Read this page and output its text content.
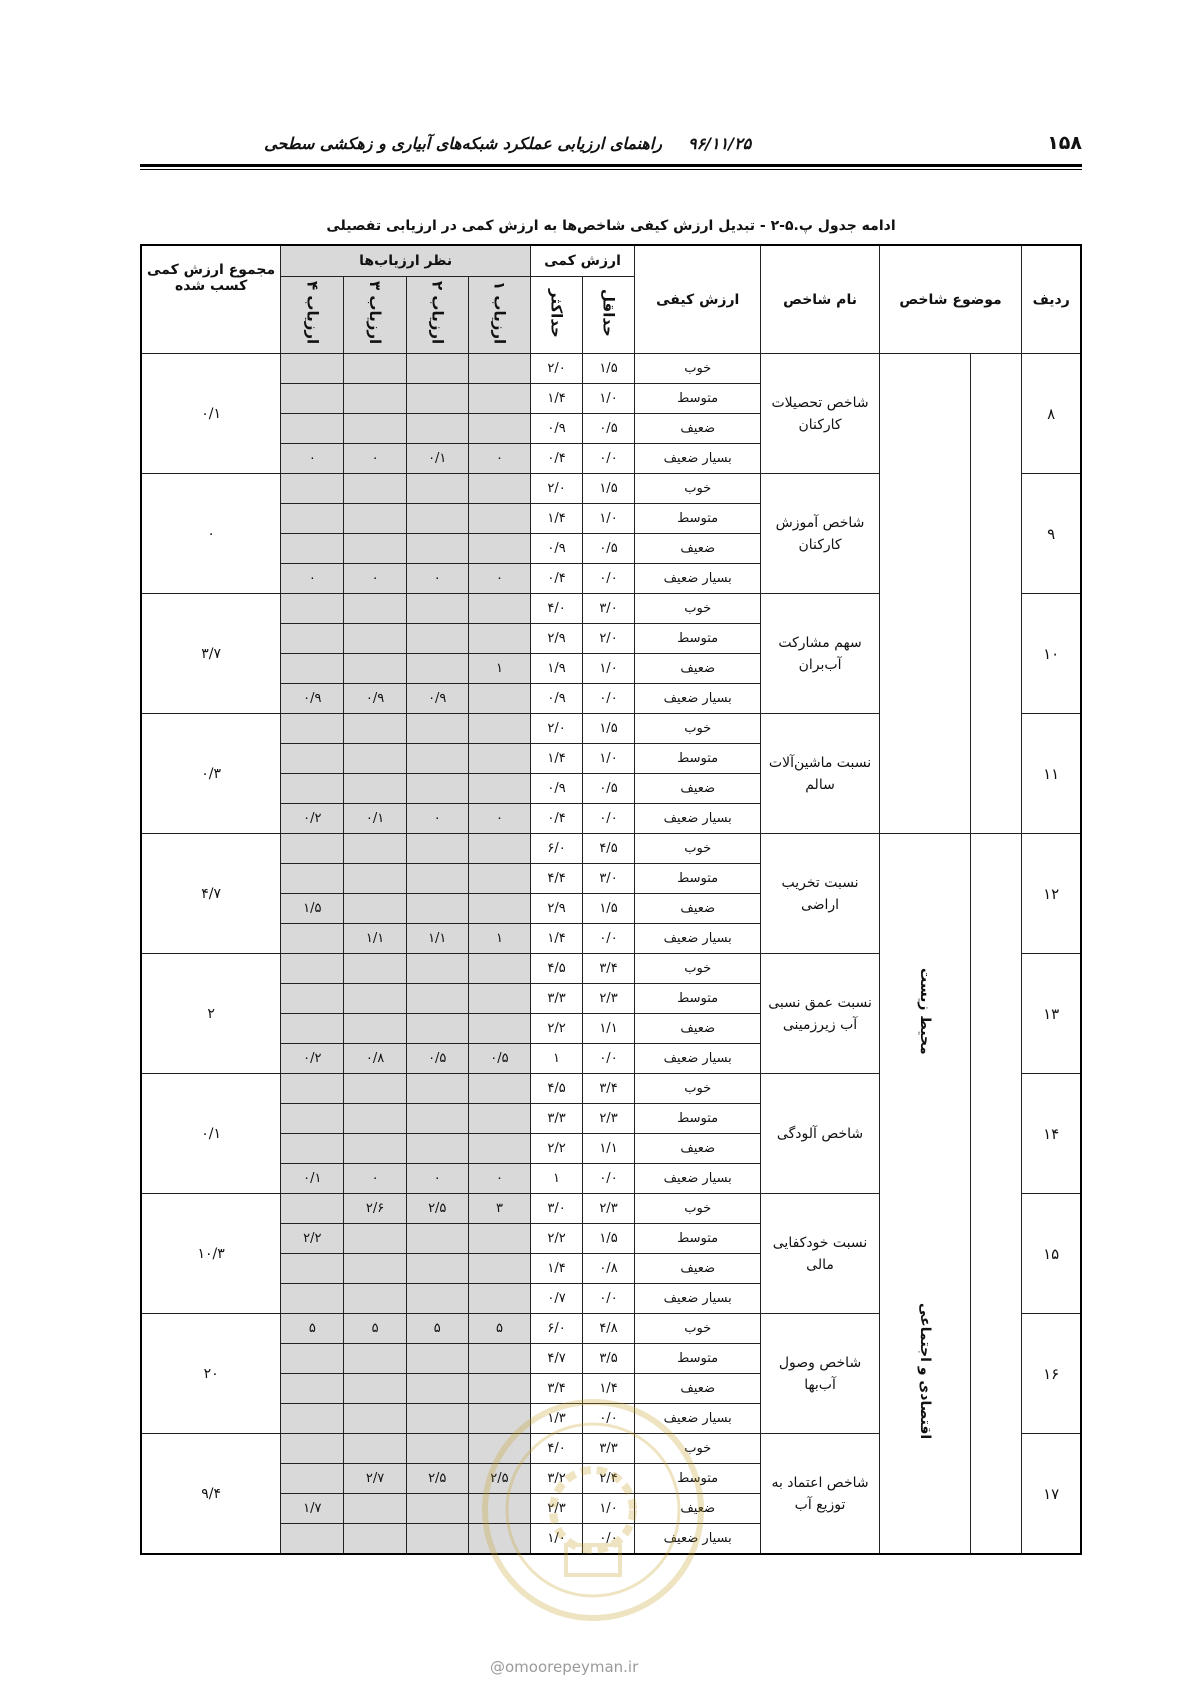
۱۵۸
راهنمای ارزیابی عملکرد شبکه‌های آبیاری و زهکشی سطحی ۹۶/۱۱/۲۵
ادامه جدول پ.۵-۲ - تبدیل ارزش کیفی شاخص‌ها به ارزش کمی در ارزیابی تفصیلی
ردیف	موضوع شاخص		نام شاخص	ارزش کیفی	ارزش کمی		نظر ارزیاب‌ها				مجموع ارزش کمی کسب شده
					حداقل	حداکثر	ارزیاب ۱	ارزیاب ۲	ارزیاب ۳	ارزیاب ۴	
۸			شاخص تحصیلات کارکنان	خوب	۱/۵	۲/۰					۰/۱
				متوسط	۱/۰	۱/۴					
				ضعیف	۰/۵	۰/۹					
				بسیار ضعیف	۰/۰	۰/۴	۰	۰/۱	۰	۰	
۹			شاخص آموزش کارکنان	خوب	۱/۵	۲/۰					۰
				متوسط	۱/۰	۱/۴					
				ضعیف	۰/۵	۰/۹					
				بسیار ضعیف	۰/۰	۰/۴	۰	۰	۰	۰	
۱۰			سهم مشارکت آب‌بران	خوب	۳/۰	۴/۰					۳/۷
				متوسط	۲/۰	۲/۹					
				ضعیف	۱/۰	۱/۹	۱				
				بسیار ضعیف	۰/۰	۰/۹		۰/۹	۰/۹	۰/۹	
۱۱			نسبت ماشین‌آلات سالم	خوب	۱/۵	۲/۰					۰/۳
				متوسط	۱/۰	۱/۴					
				ضعیف	۰/۵	۰/۹					
				بسیار ضعیف	۰/۰	۰/۴	۰	۰	۰/۱	۰/۲	
۱۲		محیط زیست	نسبت تخریب اراضی	خوب	۴/۵	۶/۰					۴/۷
				متوسط	۳/۰	۴/۴					
				ضعیف	۱/۵	۲/۹				۱/۵	
				بسیار ضعیف	۰/۰	۱/۴	۱	۱/۱	۱/۱		
۱۳			نسبت عمق نسبی آب زیرزمینی	خوب	۳/۴	۴/۵					۲
				متوسط	۲/۳	۳/۳					
				ضعیف	۱/۱	۲/۲					
				بسیار ضعیف	۰/۰	۱	۰/۵	۰/۵	۰/۸	۰/۲	
۱۴			شاخص آلودگی	خوب	۳/۴	۴/۵					۰/۱
				متوسط	۲/۳	۳/۳					
				ضعیف	۱/۱	۲/۲					
				بسیار ضعیف	۰/۰	۱	۰	۰	۰	۰/۱	
۱۵		اقتصادی و اجتماعی	نسبت خودکفایی مالی	خوب	۲/۳	۳/۰	۳	۲/۵	۲/۶		۱۰/۳
				متوسط	۱/۵	۲/۲				۲/۲	
				ضعیف	۰/۸	۱/۴					
				بسیار ضعیف	۰/۰	۰/۷					
۱۶			شاخص وصول آب‌بها	خوب	۴/۸	۶/۰	۵	۵	۵	۵	۲۰
				متوسط	۳/۵	۴/۷					
				ضعیف	۱/۴	۳/۴					
				بسیار ضعیف	۰/۰	۱/۳					
۱۷			شاخص اعتماد به توزیع آب	خوب	۳/۳	۴/۰					۹/۴
				متوسط	۲/۴	۳/۲	۲/۵	۲/۵	۲/۷		
				ضعیف	۱/۰	۲/۳				۱/۷	
				بسیار ضعیف	۰/۰	۱/۰					
@omoorepeyman.ir
